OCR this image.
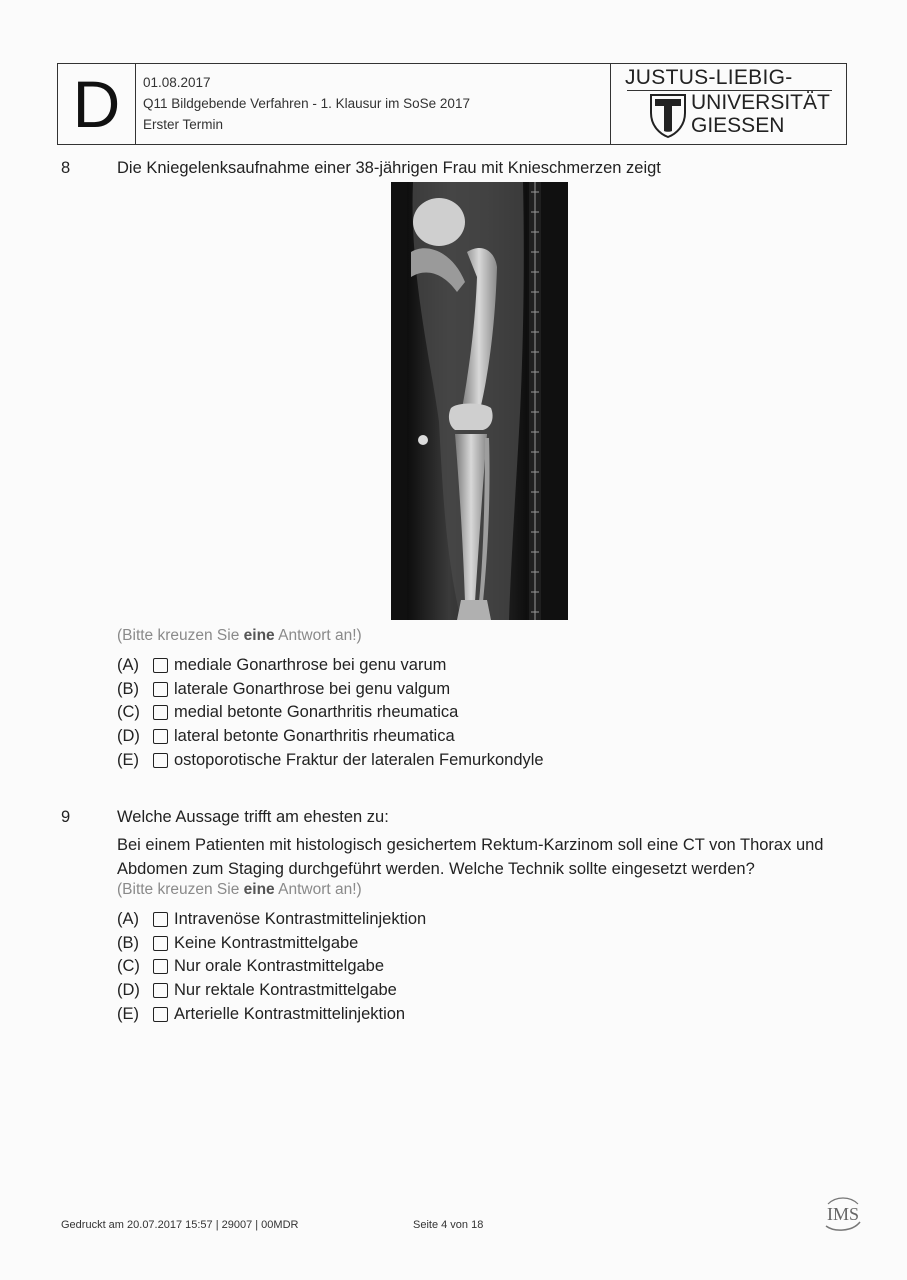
D 01.08.2017
Q11 Bildgebende Verfahren - 1. Klausur im SoSe 2017
Erster Termin
JUSTUS-LIEBIG-
UNIVERSITÄT
GIESSEN
8	Die Kniegelenksaufnahme einer 38-jährigen Frau mit Knieschmerzen zeigt
(Bitte kreuzen Sie eine Antwort an!)
(A)	mediale Gonarthrose bei genu varum
(B)	laterale Gonarthrose bei genu valgum
(C)	medial betonte Gonarthritis rheumatica
(D)	lateral betonte Gonarthritis rheumatica
(E)	ostoporotische Fraktur der lateralen Femurkondyle
9	Welche Aussage trifft am ehesten zu:
Bei einem Patienten mit histologisch gesichertem Rektum-Karzinom soll eine CT von Thorax und Abdomen zum Staging durchgeführt werden. Welche Technik sollte eingesetzt werden?
(Bitte kreuzen Sie eine Antwort an!)
(A)	Intravenöse Kontrastmittelinjektion
(B)	Keine Kontrastmittelgabe
(C)	Nur orale Kontrastmittelgabe
(D)	Nur rektale Kontrastmittelgabe
(E)	Arterielle Kontrastmittelinjektion
Gedruckt am 20.07.2017 15:57 | 29007 | 00MDR	Seite 4 von 18
IMS
